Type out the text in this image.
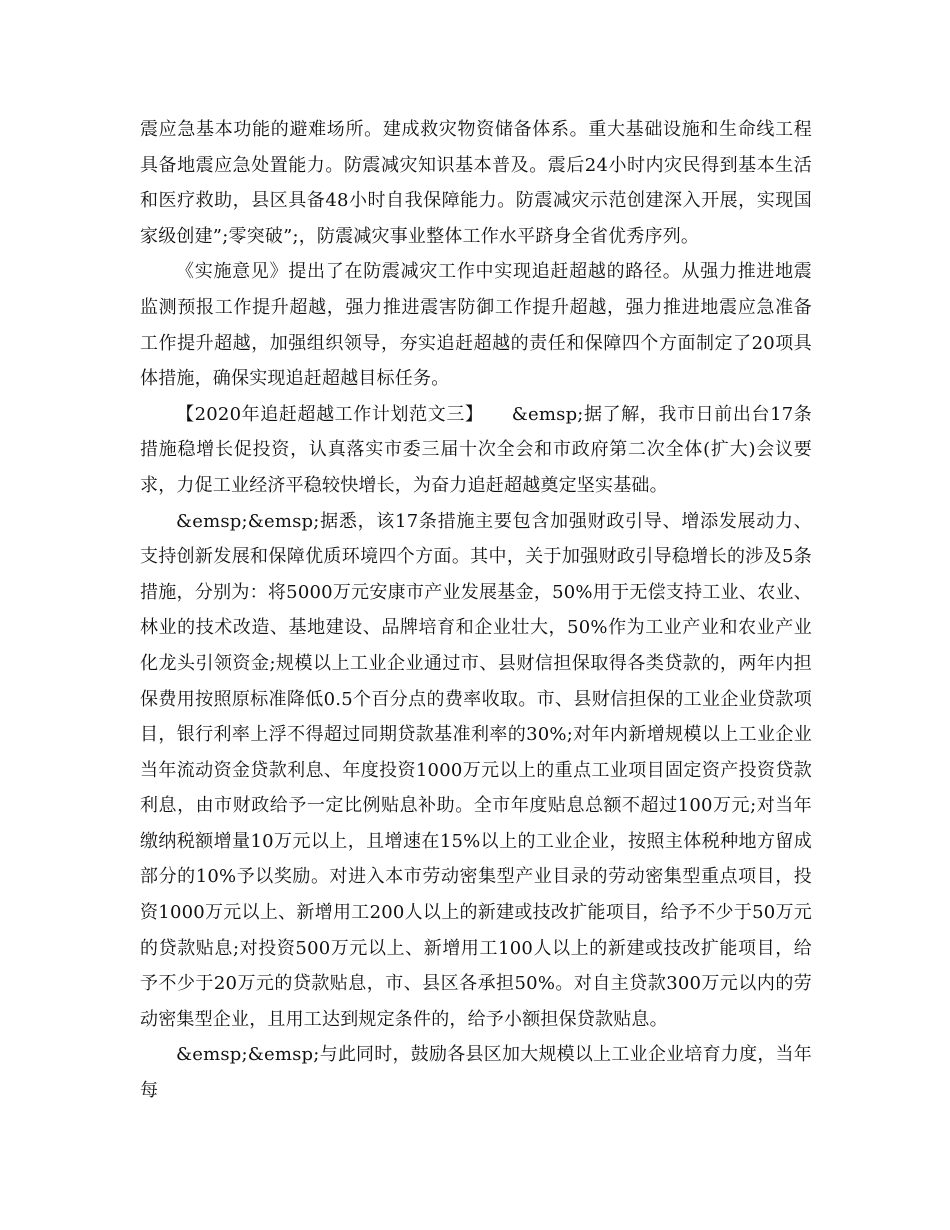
震应急基本功能的避难场所。建成救灾物资储备体系。重大基础设施和生命线工程具备地震应急处置能力。防震减灾知识基本普及。震后24小时内灾民得到基本生活和医疗救助，县区具备48小时自我保障能力。防震减灾示范创建深入开展，实现国家级创建”;零突破”;，防震减灾事业整体工作水平跻身全省优秀序列。

《实施意见》提出了在防震减灾工作中实现追赶超越的路径。从强力推进地震监测预报工作提升超越，强力推进震害防御工作提升超越，强力推进地震应急准备工作提升超越，加强组织领导，夯实追赶超越的责任和保障四个方面制定了20项具体措施，确保实现追赶超越目标任务。

【2020年追赶超越工作计划范文三】　　&emsp;据了解，我市日前出台17条措施稳增长促投资，认真落实市委三届十次全会和市政府第二次全体(扩大)会议要求，力促工业经济平稳较快增长，为奋力追赶超越奠定坚实基础。

&emsp;&emsp;据悉，该17条措施主要包含加强财政引导、增添发展动力、支持创新发展和保障优质环境四个方面。其中，关于加强财政引导稳增长的涉及5条措施，分别为：将5000万元安康市产业发展基金，50%用于无偿支持工业、农业、林业的技术改造、基地建设、品牌培育和企业壮大，50%作为工业产业和农业产业化龙头引领资金;规模以上工业企业通过市、县财信担保取得各类贷款的，两年内担保费用按照原标准降低0.5个百分点的费率收取。市、县财信担保的工业企业贷款项目，银行利率上浮不得超过同期贷款基准利率的30%;对年内新增规模以上工业企业当年流动资金贷款利息、年度投资1000万元以上的重点工业项目固定资产投资贷款利息，由市财政给予一定比例贴息补助。全市年度贴息总额不超过100万元;对当年缴纳税额增量10万元以上，且增速在15%以上的工业企业，按照主体税种地方留成部分的10%予以奖励。对进入本市劳动密集型产业目录的劳动密集型重点项目，投资1000万元以上、新增用工200人以上的新建或技改扩能项目，给予不少于50万元的贷款贴息;对投资500万元以上、新增用工100人以上的新建或技改扩能项目，给予不少于20万元的贷款贴息，市、县区各承担50%。对自主贷款300万元以内的劳动密集型企业，且用工达到规定条件的，给予小额担保贷款贴息。

&emsp;&emsp;与此同时，鼓励各县区加大规模以上工业企业培育力度，当年每
